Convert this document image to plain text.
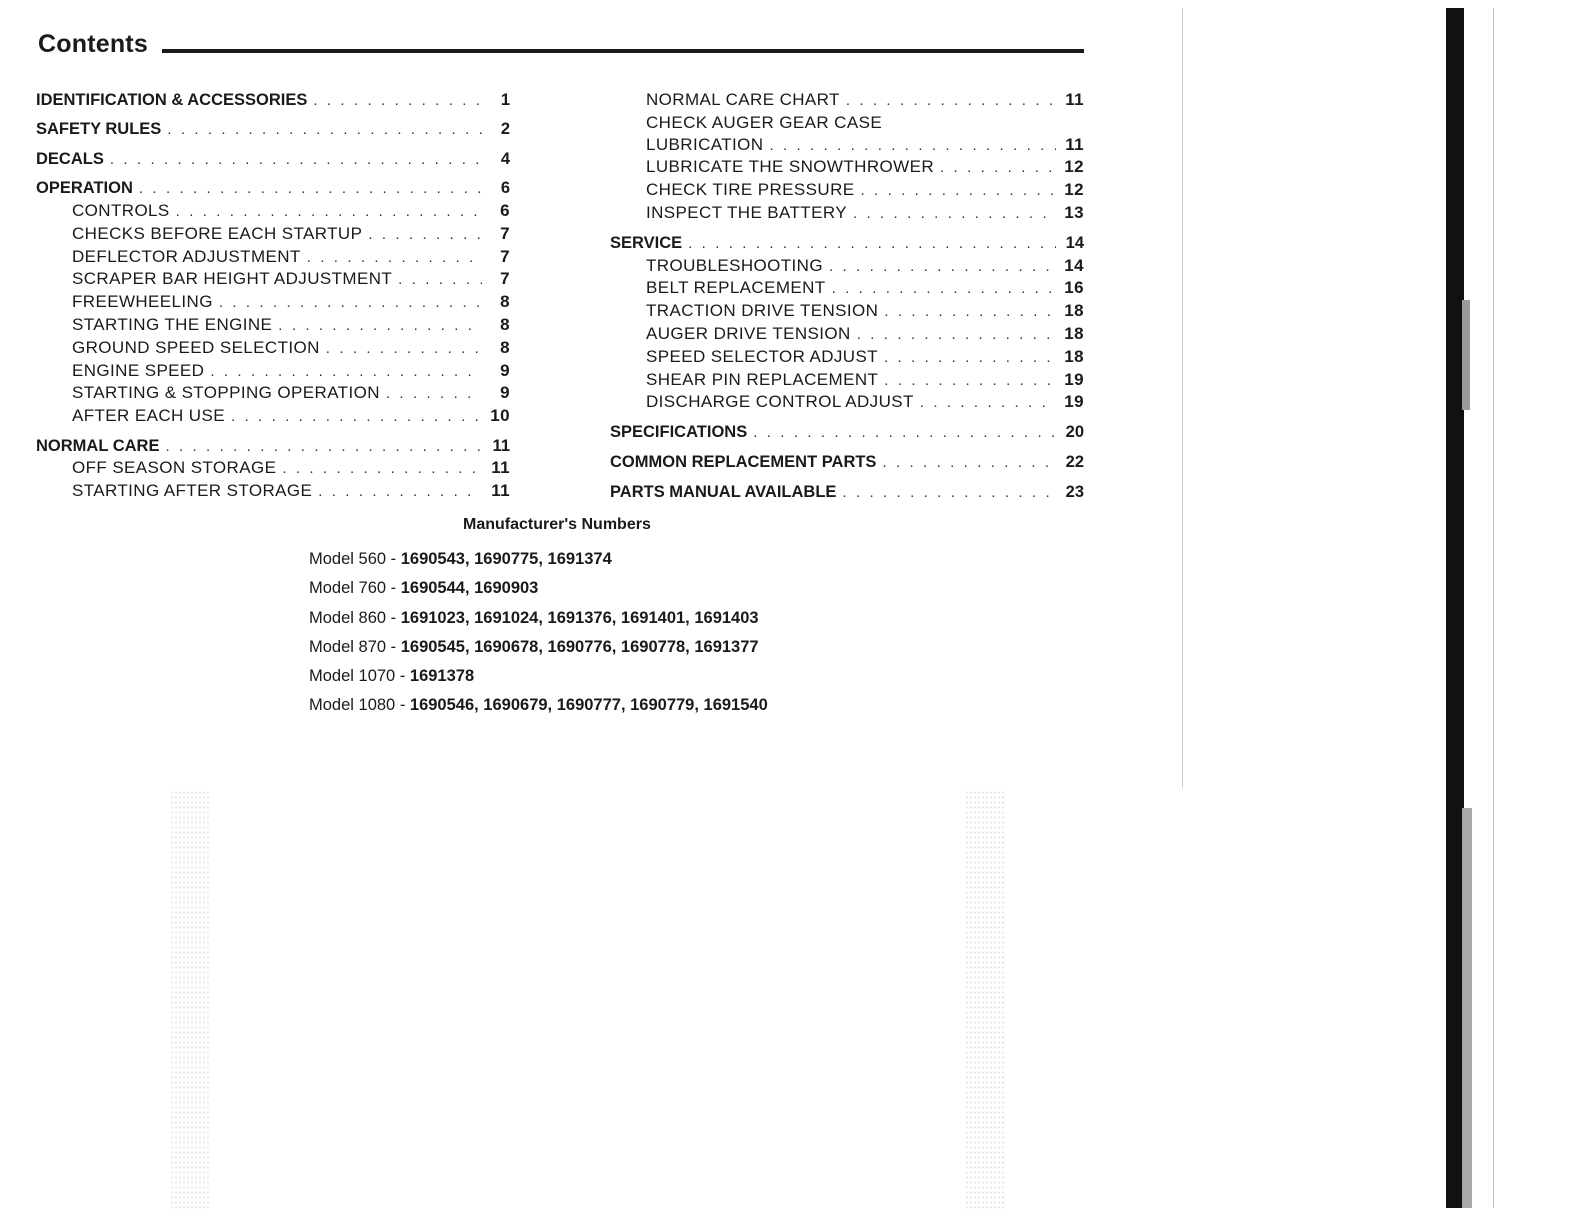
Contents
IDENTIFICATION & ACCESSORIES . . .	1
SAFETY RULES . . .	2
DECALS . . .	4
OPERATION . . .	6
CONTROLS . . .	6
CHECKS BEFORE EACH STARTUP . . .	7
DEFLECTOR ADJUSTMENT . . .	7
SCRAPER BAR HEIGHT ADJUSTMENT . . .	7
FREEWHEELING . . .	8
STARTING THE ENGINE . . .	8
GROUND SPEED SELECTION . . .	8
ENGINE SPEED . . .	9
STARTING & STOPPING OPERATION . . .	9
AFTER EACH USE . . .	10
NORMAL CARE . . .	11
OFF SEASON STORAGE . . .	11
STARTING AFTER STORAGE . . .	11
NORMAL CARE CHART . . .	11
CHECK AUGER GEAR CASE
LUBRICATION . . .	11
LUBRICATE THE SNOWTHROWER . . .	12
CHECK TIRE PRESSURE . . .	12
INSPECT THE BATTERY . . .	13
SERVICE . . .	14
TROUBLESHOOTING . . .	14
BELT REPLACEMENT . . .	16
TRACTION DRIVE TENSION . . .	18
AUGER DRIVE TENSION . . .	18
SPEED SELECTOR ADJUST . . .	18
SHEAR PIN REPLACEMENT . . .	19
DISCHARGE CONTROL ADJUST . . .	19
SPECIFICATIONS . . .	20
COMMON REPLACEMENT PARTS . . .	22
PARTS MANUAL AVAILABLE . . .	23
Manufacturer's Numbers
Model 560 - 1690543, 1690775, 1691374
Model 760 - 1690544, 1690903
Model 860 - 1691023, 1691024, 1691376, 1691401, 1691403
Model 870 - 1690545, 1690678, 1690776, 1690778, 1691377
Model 1070 - 1691378
Model 1080 - 1690546, 1690679, 1690777, 1690779, 1691540
